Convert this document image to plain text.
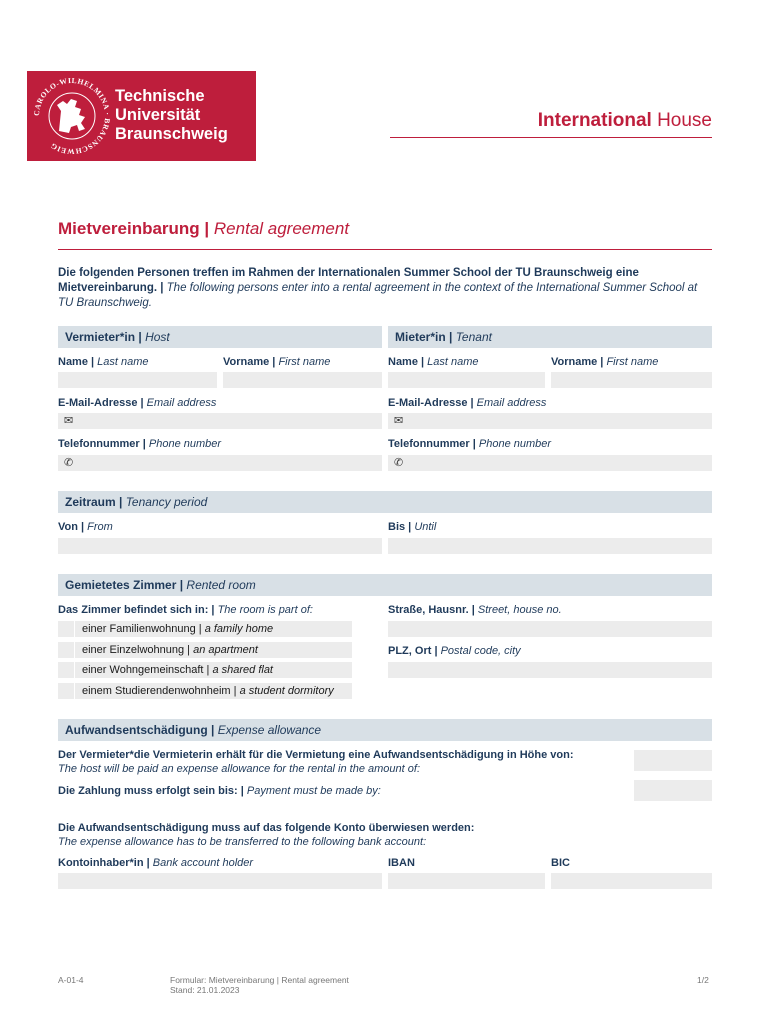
CAROLO-WILHELMINA · BRAUNSCHWEIG
Technische
Universität
Braunschweig
International House
Mietvereinbarung | Rental agreement
Die folgenden Personen treffen im Rahmen der Internationalen Summer School der TU Braunschweig eine Mietvereinbarung. | The following persons enter into a rental agreement in the context of the International Summer School at TU Braunschweig.
Vermieter*in | Host	Mieter*in | Tenant
Name | Last name	Vorname | First name	Name | Last name	Vorname | First name
E-Mail-Adresse | Email address
✉
E-Mail-Adresse | Email address
✉
Telefonnummer | Phone number
✆
Telefonnummer | Phone number
✆
Zeitraum | Tenancy period
Von | From	Bis | Until
Gemietetes Zimmer | Rented room
Das Zimmer befindet sich in: | The room is part of:
einer Familienwohnung | a family home
einer Einzelwohnung | an apartment
einer Wohngemeinschaft | a shared flat
einem Studierendenwohnheim | a student dormitory
Straße, Hausnr. | Street, house no.
PLZ, Ort | Postal code, city
Aufwandsentschädigung | Expense allowance
Der Vermieter*die Vermieterin erhält für die Vermietung eine Aufwandsentschädigung in Höhe von:
The host will be paid an expense allowance for the rental in the amount of:
Die Zahlung muss erfolgt sein bis: | Payment must be made by:
Die Aufwandsentschädigung muss auf das folgende Konto überwiesen werden:
The expense allowance has to be transferred to the following bank account:
Kontoinhaber*in | Bank account holder	IBAN	BIC
A-01-4	Formular: Mietvereinbarung | Rental agreement
Stand: 21.01.2023
1/2
